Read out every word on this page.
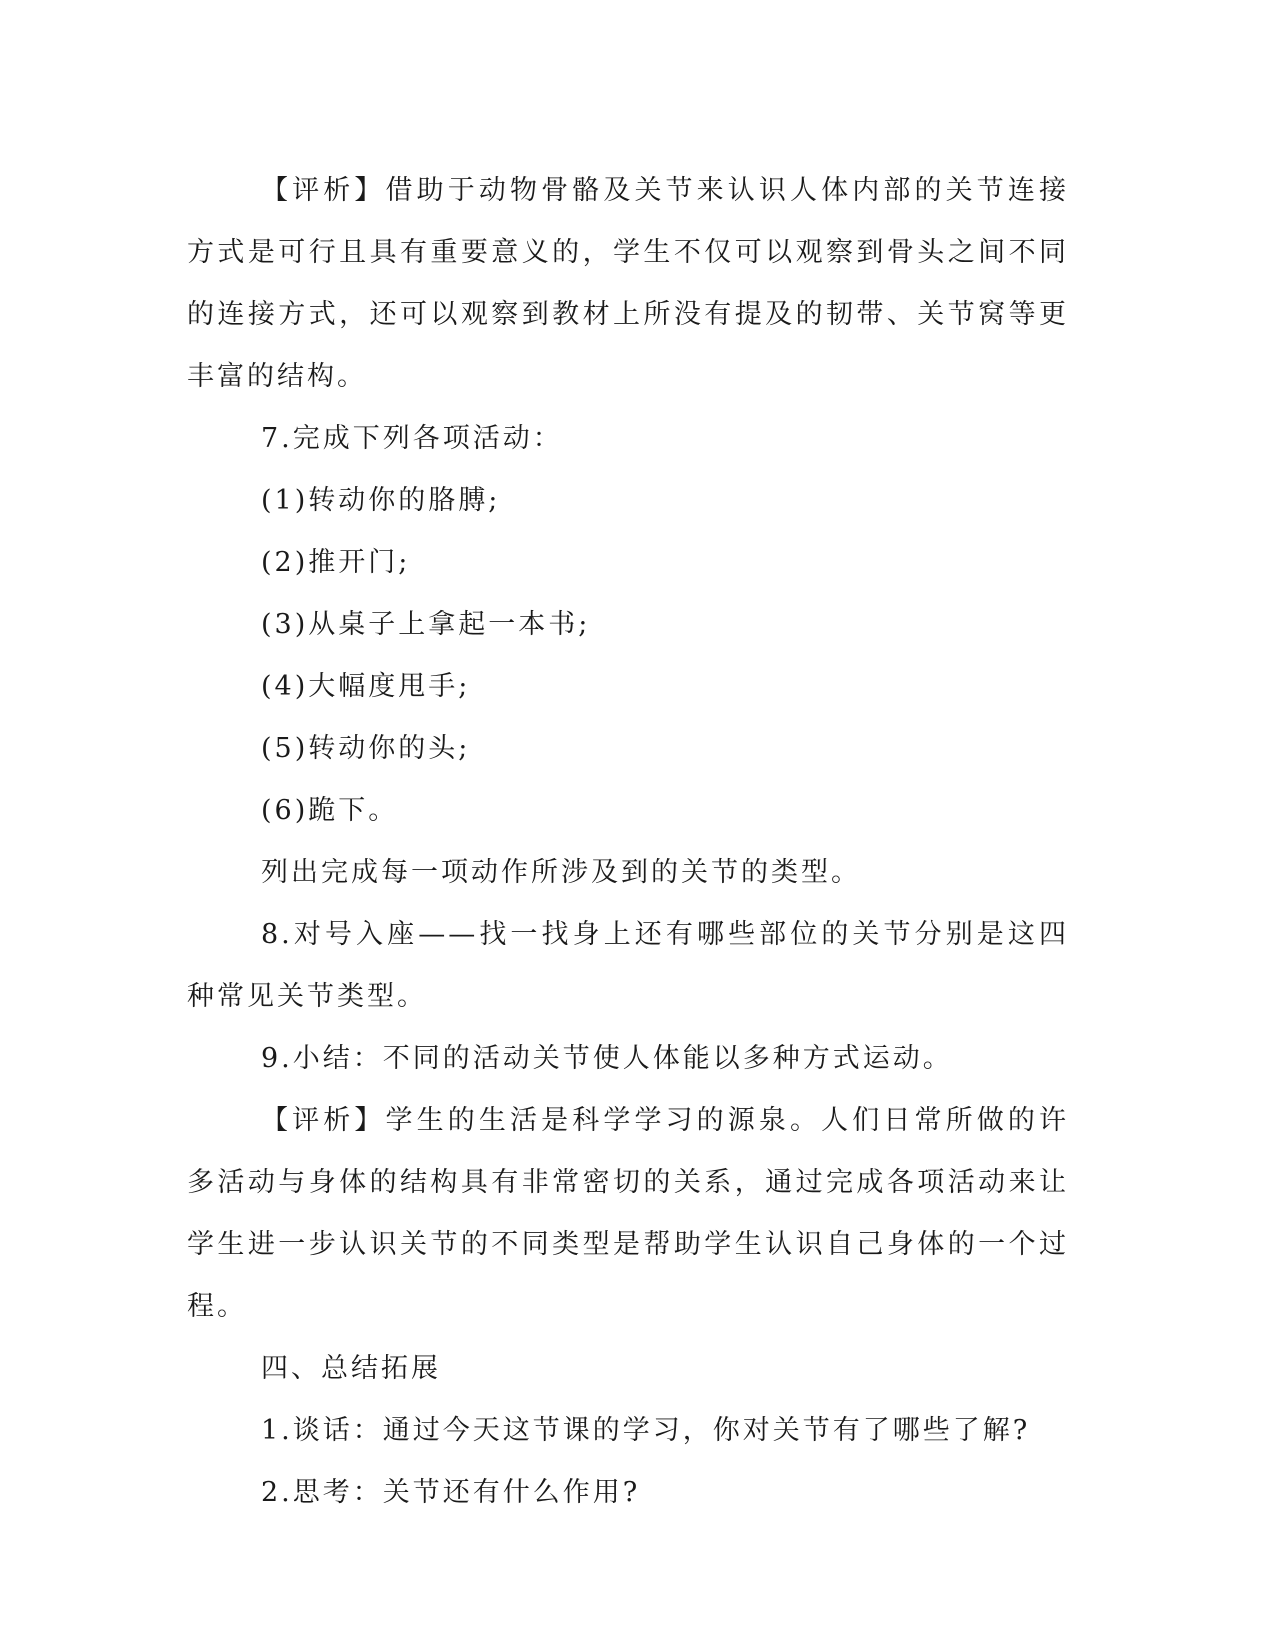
【评析】借助于动物骨骼及关节来认识人体内部的关节连接方式是可行且具有重要意义的，学生不仅可以观察到骨头之间不同的连接方式，还可以观察到教材上所没有提及的韧带、关节窝等更丰富的结构。

7.完成下列各项活动：

(1)转动你的胳膊;

(2)推开门;

(3)从桌子上拿起一本书;

(4)大幅度甩手;

(5)转动你的头;

(6)跪下。

列出完成每一项动作所涉及到的关节的类型。

8.对号入座——找一找身上还有哪些部位的关节分别是这四种常见关节类型。

9.小结：不同的活动关节使人体能以多种方式运动。

【评析】学生的生活是科学学习的源泉。人们日常所做的许多活动与身体的结构具有非常密切的关系，通过完成各项活动来让学生进一步认识关节的不同类型是帮助学生认识自己身体的一个过程。

四、总结拓展

1.谈话：通过今天这节课的学习，你对关节有了哪些了解?

2.思考：关节还有什么作用?
